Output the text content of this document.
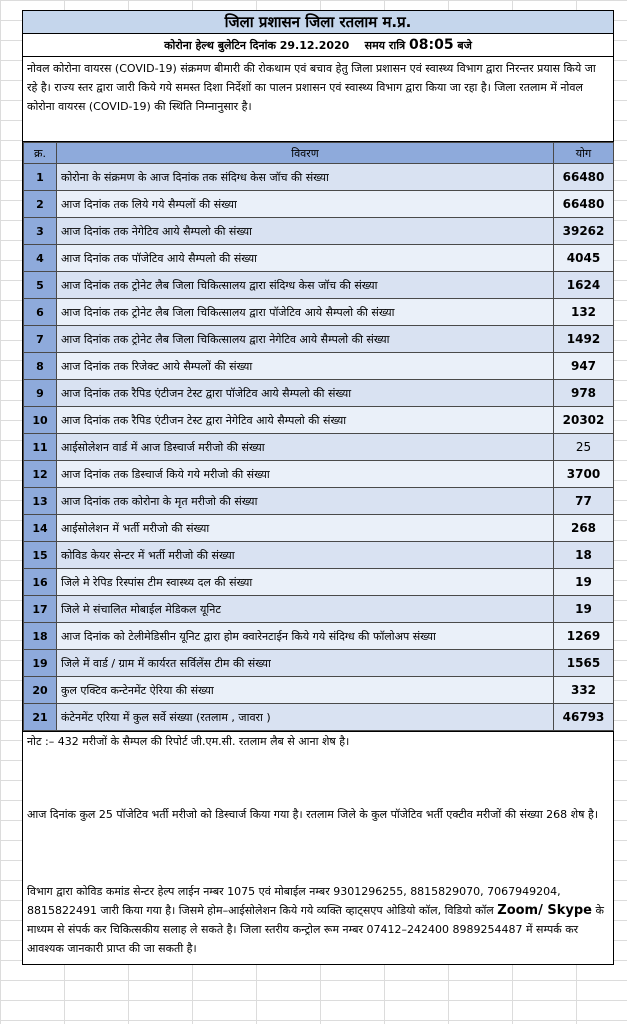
जिला प्रशासन जिला रतलाम म.प्र.
कोरोना हेल्थ बुलेटिन दिनांक 29.12.2020 समय रात्रि 08:05 बजे
नोवल कोरोना वायरस (COVID-19) संक्रमण बीमारी की रोकथाम एवं बचाव हेतु जिला प्रशासन एवं स्वास्थ्य विभाग द्वारा निरन्तर प्रयास किये जा रहे है। राज्य स्तर द्वारा जारी किये गये समस्त दिशा निर्देशों का पालन प्रशासन एवं स्वास्थ्य विभाग द्वारा किया जा रहा है। जिला रतलाम में नोवल कोरोना वायरस (COVID-19) की स्थिति निम्नानुसार है।
क्र.	विवरण	योग
1	कोरोना के संक्रमण के आज दिनांक तक संदिग्ध केस जॉच की संख्या	66480
2	आज दिनांक तक लिये गये सैम्पलों की संख्या	66480
3	आज दिनांक तक नेगेटिव आये सैम्पलो की संख्या	39262
4	आज दिनांक तक पॉजेटिव आये सैम्पलो की संख्या	4045
5	आज दिनांक तक ट्रोनेट लैब जिला चिकित्सालय द्वारा संदिग्ध केस जॉच की संख्या	1624
6	आज दिनांक तक ट्रोनेट लैब जिला चिकित्सालय द्वारा पॉजेटिव आये सैम्पलो की संख्या	132
7	आज दिनांक तक ट्रोनेट लैब जिला चिकित्सालय द्वारा नेगेटिव आये सैम्पलो की संख्या	1492
8	आज दिनांक तक रिजेक्ट आये सैम्पलों की संख्या	947
9	आज दिनांक तक रैपिड एंटीजन टेस्ट द्वारा पॉजेटिव आये सैम्पलो की संख्या	978
10	आज दिनांक तक रैपिड एंटीजन टेस्ट द्वारा नेगेटिव आये सैम्पलो की संख्या	20302
11	आईसोलेशन वार्ड में आज डिस्चार्ज मरीजो की संख्या	25
12	आज दिनांक तक डिस्चार्ज किये गये मरीजो की संख्या	3700
13	आज दिनांक तक कोरोना के मृत मरीजो की संख्या	77
14	आईसोलेशन में भर्ती मरीजो की संख्या	268
15	कोविड केयर सेन्टर में भर्ती मरीजो की संख्या	18
16	जिले मे रेपिड रिस्पांस टीम स्वास्थ्य दल की संख्या	19
17	जिले मे संचालित मोबाईल मेडिकल यूनिट	19
18	आज दिनांक को टेलीमेडिसीन यूनिट द्वारा होम क्वारेनटाईन किये गये संदिग्ध की फॉलोअप संख्या	1269
19	जिले में वार्ड / ग्राम में कार्यरत सर्विलेंस टीम की संख्या	1565
20	कुल एक्टिव कन्टेनमेंट ऐरिया की संख्या	332
21	कंटेनमेंट एरिया में कुल सर्वे संख्या (रतलाम , जावरा )	46793
नोट :– 432 मरीजों के सैम्पल की रिपोर्ट जी.एम.सी. रतलाम लैब से आना शेष है।
आज दिनांक कुल 25 पॉजेटिव भर्ती मरीजो को डिस्चार्ज किया गया है। रतलाम जिले के कुल पॉजेटिव भर्ती एक्टीव मरीजों की संख्या 268 शेष है।
विभाग द्वारा कोविड कमांड सेन्टर हेल्प लाईन नम्बर 1075 एवं मोबाईल नम्बर 9301296255, 8815829070, 7067949204, 8815822491 जारी किया गया है। जिसमे होम–आईसोलेशन किये गये व्यक्ति व्हाट्सएप ओडियो कॉल, विडियो कॉल Zoom/ Skype के माध्यम से संपर्क कर चिकित्सकीय सलाह ले सकते है। जिला स्तरीय कन्ट्रोल रूम नम्बर 07412–242400 8989254487 में सम्पर्क कर आवश्यक जानकारी प्राप्त की जा सकती है।
